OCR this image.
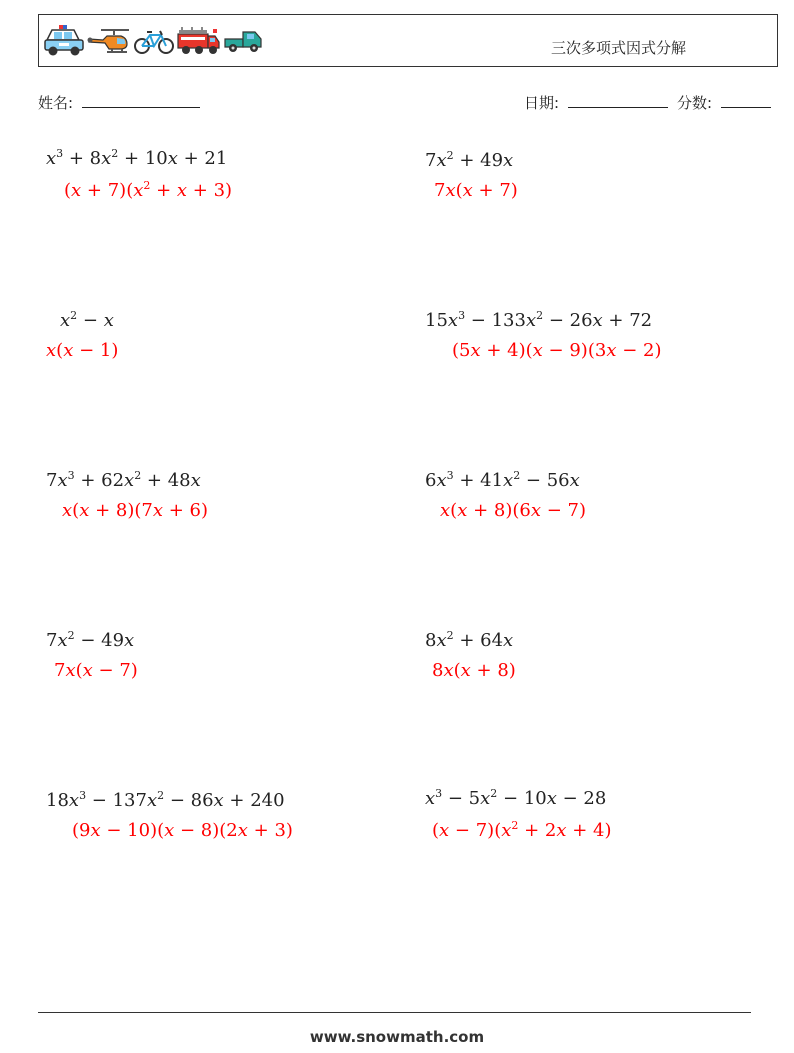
三次多项式因式分解
姓名:	日期:	分数:
$x^3 + 8x^2 + 10x + 21$
$(x + 7)(x^2 + x + 3)$
$x^2 - x$
x(x − 1)
$7x^3 + 62x^2 + 48x$
x(x + 8)(7x + 6)
$7x^2 - 49x$
7x(x − 7)
$18x^3 - 137x^2 - 86x + 240$
(9x − 10)(x − 8)(2x + 3)
$7x^2 + 49x$
7x(x + 7)
$15x^3 - 133x^2 - 26x + 72$
(5x + 4)(x − 9)(3x − 2)
$6x^3 + 41x^2 - 56x$
x(x + 8)(6x − 7)
$8x^2 + 64x$
8x(x + 8)
$x^3 - 5x^2 - 10x - 28$
$(x - 7)(x^2 + 2x + 4)$
www.snowmath.com
